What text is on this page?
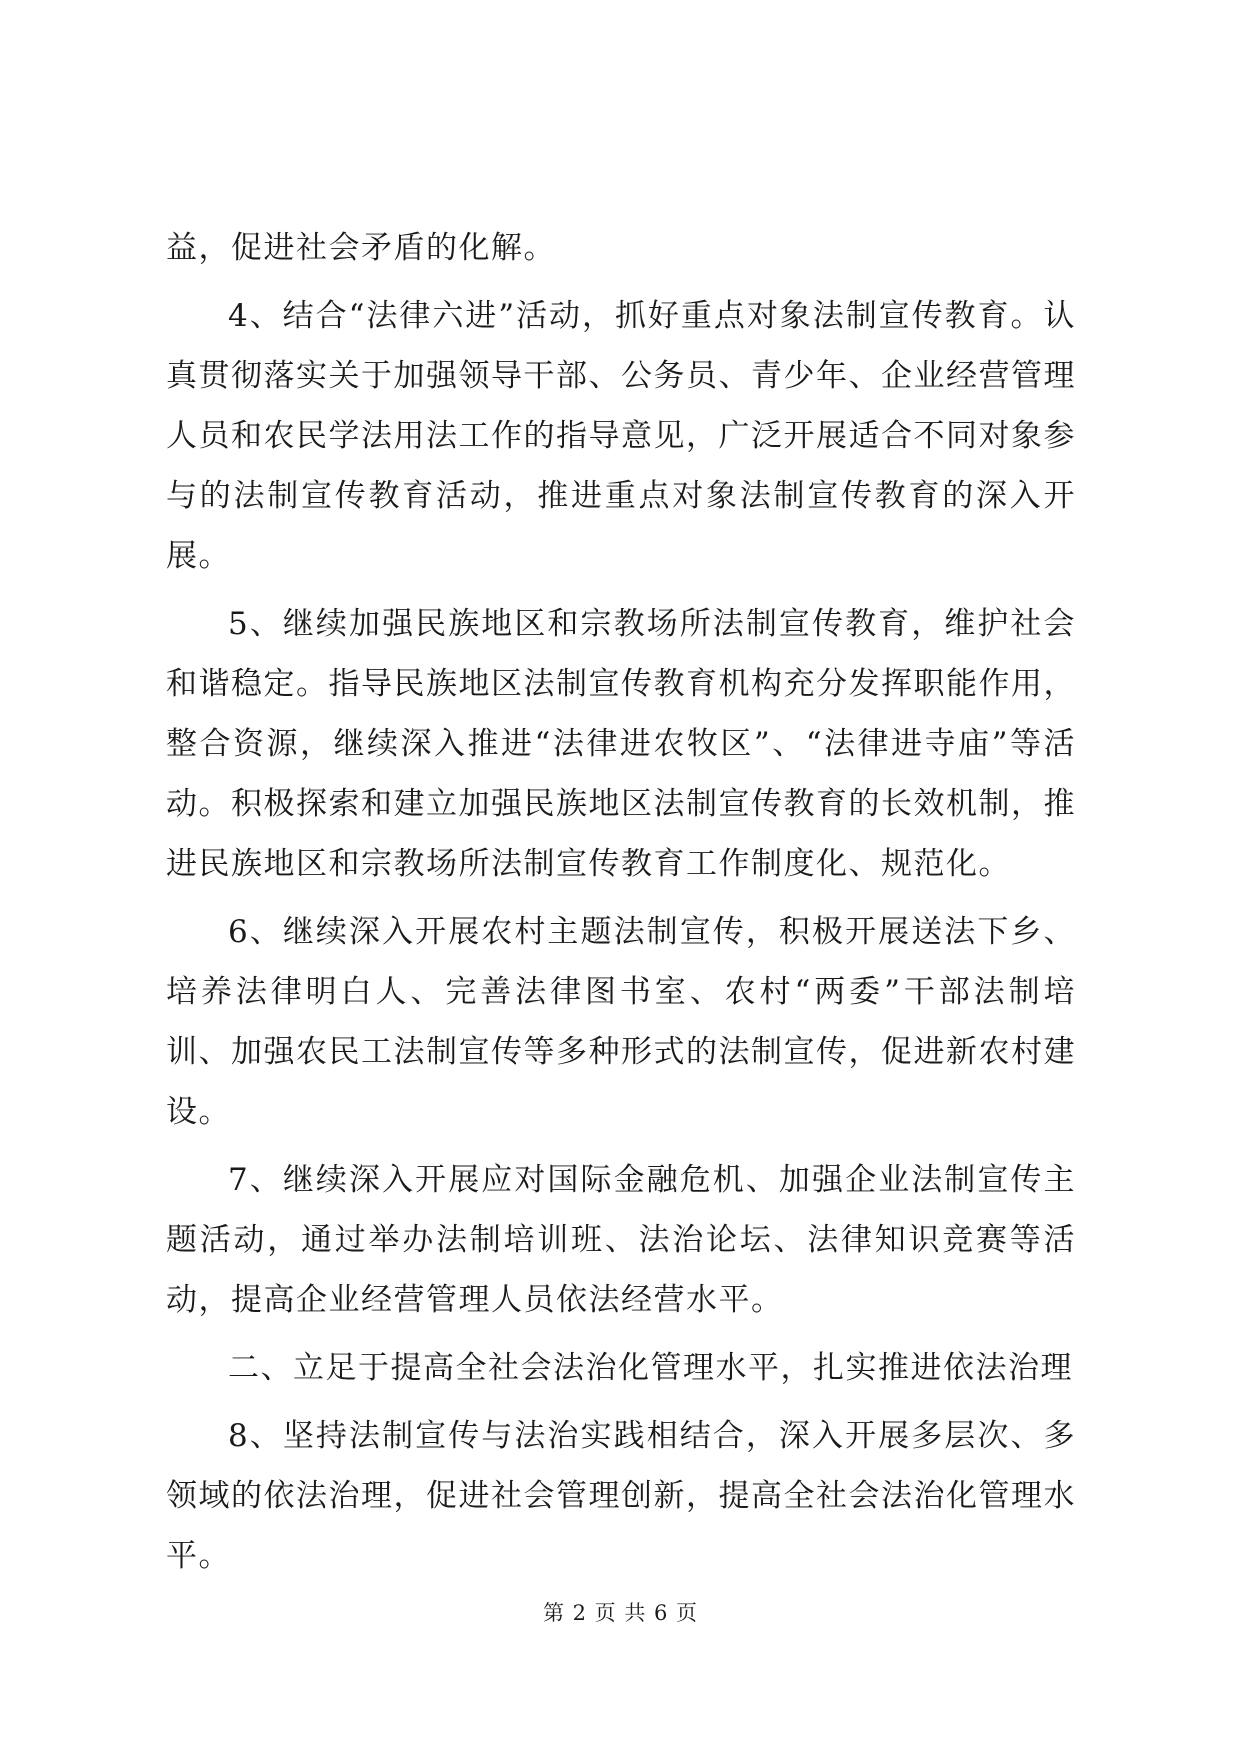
益，促进社会矛盾的化解。

4、结合“法律六进”活动，抓好重点对象法制宣传教育。认真贯彻落实关于加强领导干部、公务员、青少年、企业经营管理人员和农民学法用法工作的指导意见，广泛开展适合不同对象参与的法制宣传教育活动，推进重点对象法制宣传教育的深入开展。

5、继续加强民族地区和宗教场所法制宣传教育，维护社会和谐稳定。指导民族地区法制宣传教育机构充分发挥职能作用，整合资源，继续深入推进“法律进农牧区”、“法律进寺庙”等活动。积极探索和建立加强民族地区法制宣传教育的长效机制，推进民族地区和宗教场所法制宣传教育工作制度化、规范化。

6、继续深入开展农村主题法制宣传，积极开展送法下乡、培养法律明白人、完善法律图书室、农村“两委”干部法制培训、加强农民工法制宣传等多种形式的法制宣传，促进新农村建设。

7、继续深入开展应对国际金融危机、加强企业法制宣传主题活动，通过举办法制培训班、法治论坛、法律知识竞赛等活动，提高企业经营管理人员依法经营水平。

二、立足于提高全社会法治化管理水平，扎实推进依法治理

8、坚持法制宣传与法治实践相结合，深入开展多层次、多领域的依法治理，促进社会管理创新，提高全社会法治化管理水平。

第 2 页 共 6 页
